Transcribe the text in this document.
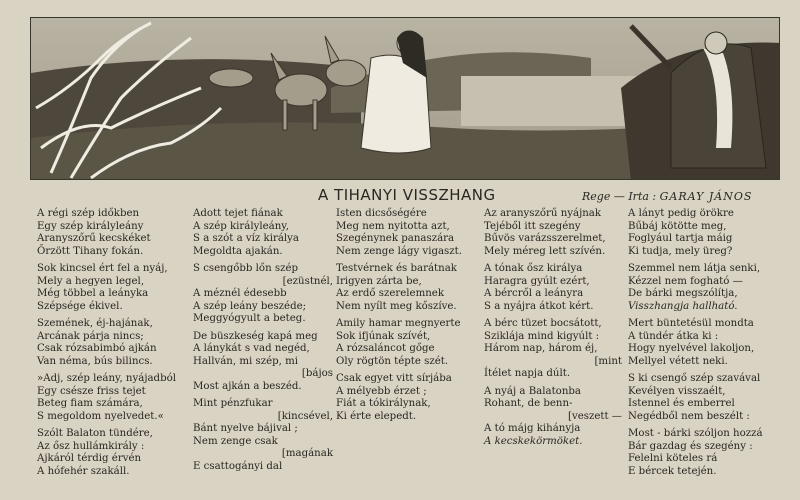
A TIHANYI VISSZHANG	Rege — Irta : GARAY JÁNOS
A régi szép időkben
Egy szép királyleány
Aranyszőrű kecskéket
Őrzött Tihany fokán.
Sok kincsel ért fel a nyáj,
Mely a hegyen legel,
Még többel a leányka
Szépsége ékivel.
Szemének, éj-hajának,
Arcának párja nincs;
Csak rózsabimbó ajkán
Van néma, bús bilincs.
»Adj, szép leány, nyájadból
Egy csésze friss tejet
Beteg fiam számára,
S megoldom nyelvedet.«
Szólt Balaton tündére,
Az ősz hullámkirály :
Ajkáról térdig érvén
A hófehér szakáll.
Adott tejet fiának
A szép királyleány,
S a szót a víz királya
Megoldta ajakán.
S csengőbb lőn szép
[ezüstnél,
A méznél édesebb
A szép leány beszéde;
Meggyógyult a beteg.
De büszkeség kapá meg
A lánykát s vad negéd,
Hallván, mi szép, mi
[bájos
Most ajkán a beszéd.
Mint pénzfukar
[kincsével,
Bánt nyelve bájival ;
Nem zenge csak
[magának
E csattogányi dal
Isten dicsőségére
Meg nem nyitotta azt,
Szegénynek panaszára
Nem zenge lágy vigaszt.
Testvérnek és barátnak
Irigyen zárta be,
Az erdő szerelemnek
Nem nyílt meg kőszíve.
Amily hamar megnyerte
Sok ifjúnak szívét,
A rózsaláncot gőge
Oly rögtön tépte szét.
Csak egyet vitt sírjába
A mélyebb érzet ;
Fiát a tókirálynak,
Ki érte elepedt.
Az aranyszőrű nyájnak
Tejéből itt szegény
Bűvös varázsszerelmet,
Mely méreg lett szívén.
A tónak ősz királya
Haragra gyúlt ezért,
A bércről a leányra
S a nyájra átkot kért.
A bérc tüzet bocsátott,
Sziklája mind kigyúlt :
Három nap, három éj,
[mint
Ítélet napja dúlt.
A nyáj a Balatonba
Rohant, de benn-
[veszett —
A tó májg kihányja
A kecskekörmöket.
A lányt pedig örökre
Bűbáj kötötte meg,
Foglyául tartja máig
Ki tudja, mely üreg?
Szemmel nem látja senki,
Kézzel nem fogható —
De bárki megszólítja,
Visszhangja hallható.
Mert büntetésül mondta
A tündér átka ki :
Hogy nyelvével lakoljon,
Mellyel vétett neki.
S ki csengő szép szavával
Kevélyen visszaélt,
Istennel és emberrel
Negédből nem beszélt :
Most - bárki szóljon hozzá
Bár gazdag és szegény :
Felelni köteles rá
E bércek tetején.
